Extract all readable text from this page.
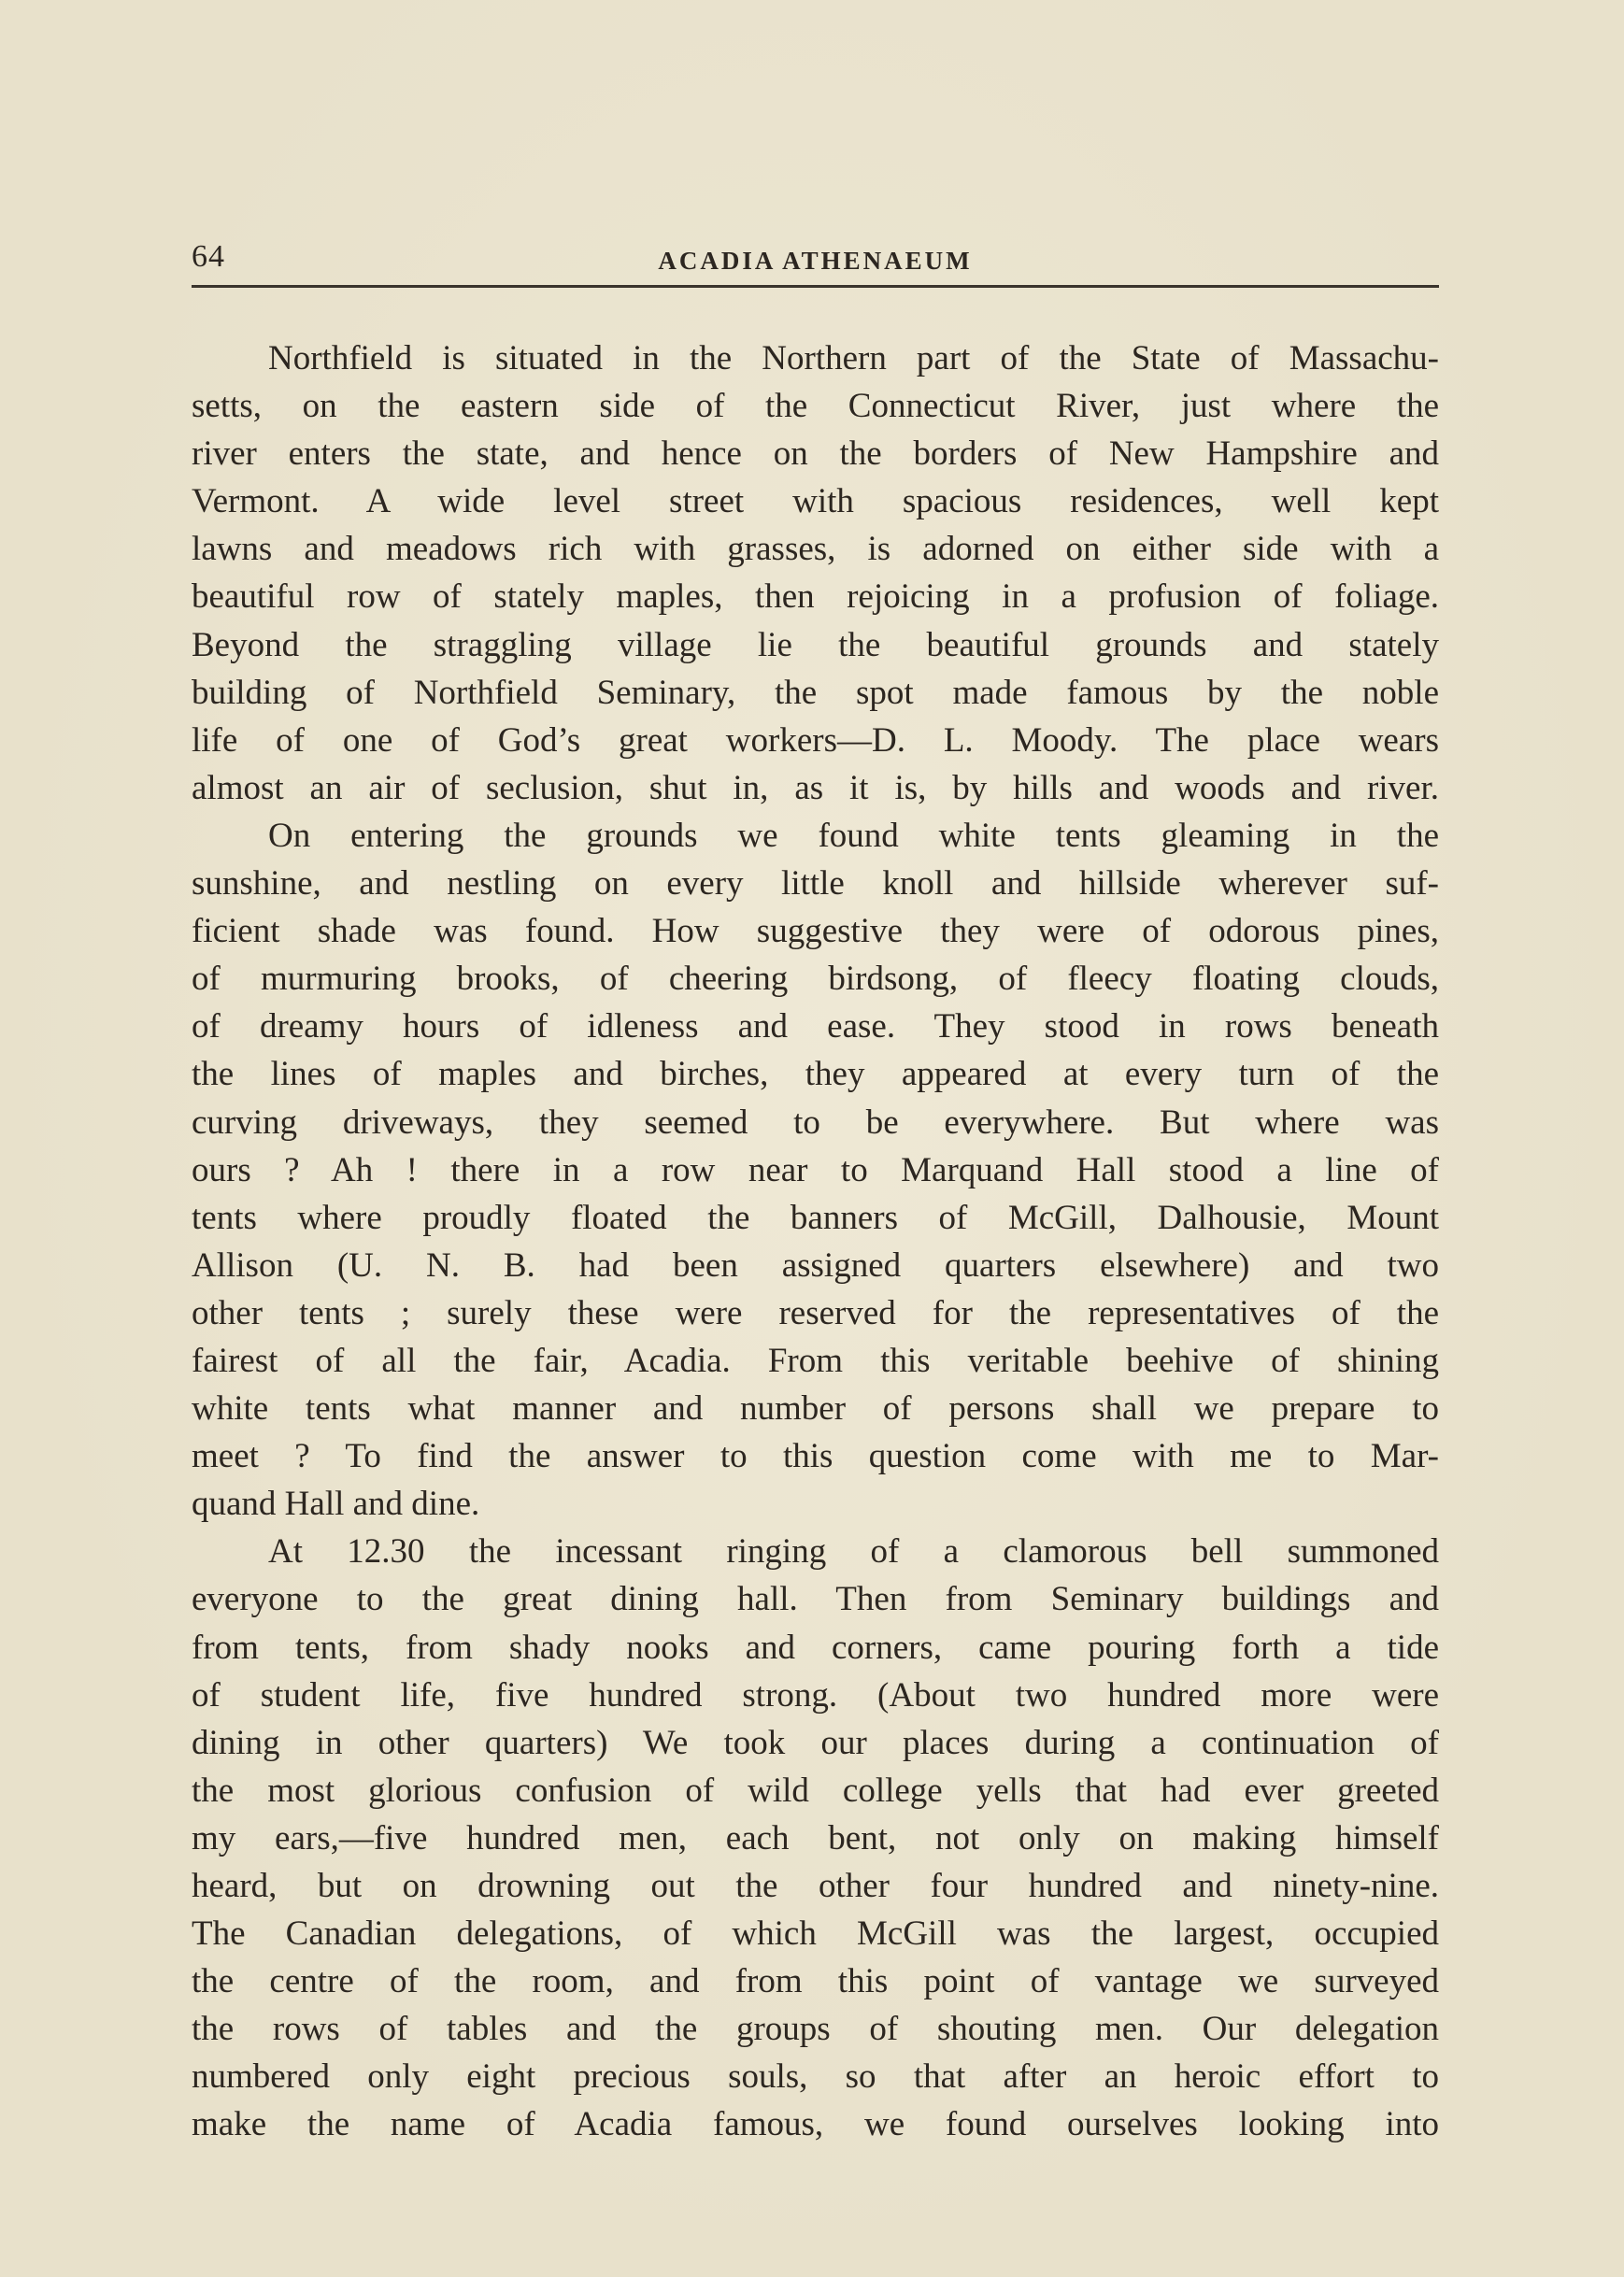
64	ACADIA ATHENAEUM
Northfield is situated in the Northern part of the State of Massachu-
setts, on the eastern side of the Connecticut River, just where the
river enters the state, and hence on the borders of New Hampshire and
Vermont. A wide level street with spacious residences, well kept
lawns and meadows rich with grasses, is adorned on either side with a
beautiful row of stately maples, then rejoicing in a profusion of foliage.
Beyond the straggling village lie the beautiful grounds and stately
building of Northfield Seminary, the spot made famous by the noble
life of one of God’s great workers—D. L. Moody. The place wears
almost an air of seclusion, shut in, as it is, by hills and woods and river.
On entering the grounds we found white tents gleaming in the
sunshine, and nestling on every little knoll and hillside wherever suf-
ficient shade was found. How suggestive they were of odorous pines,
of murmuring brooks, of cheering birdsong, of fleecy floating clouds,
of dreamy hours of idleness and ease. They stood in rows beneath
the lines of maples and birches, they appeared at every turn of the
curving driveways, they seemed to be everywhere. But where was
ours ? Ah ! there in a row near to Marquand Hall stood a line of
tents where proudly floated the banners of McGill, Dalhousie, Mount
Allison (U. N. B. had been assigned quarters elsewhere) and two
other tents ; surely these were reserved for the representatives of the
fairest of all the fair, Acadia. From this veritable beehive of shining
white tents what manner and number of persons shall we prepare to
meet ? To find the answer to this question come with me to Mar-
quand Hall and dine.
At 12.30 the incessant ringing of a clamorous bell summoned
everyone to the great dining hall. Then from Seminary buildings and
from tents, from shady nooks and corners, came pouring forth a tide
of student life, five hundred strong. (About two hundred more were
dining in other quarters) We took our places during a continuation of
the most glorious confusion of wild college yells that had ever greeted
my ears,—five hundred men, each bent, not only on making himself
heard, but on drowning out the other four hundred and ninety-nine.
The Canadian delegations, of which McGill was the largest, occupied
the centre of the room, and from this point of vantage we surveyed
the rows of tables and the groups of shouting men. Our delegation
numbered only eight precious souls, so that after an heroic effort to
make the name of Acadia famous, we found ourselves looking into
